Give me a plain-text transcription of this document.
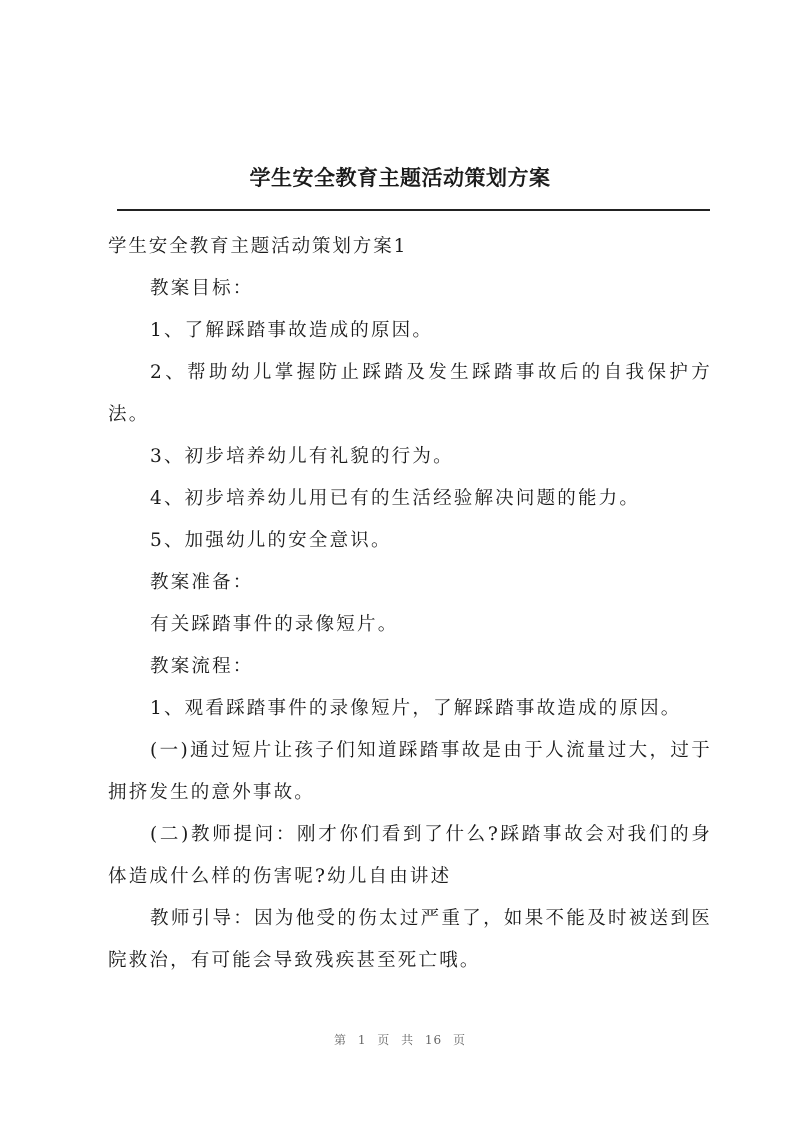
学生安全教育主题活动策划方案

学生安全教育主题活动策划方案1

教案目标：

1、了解踩踏事故造成的原因。

2、帮助幼儿掌握防止踩踏及发生踩踏事故后的自我保护方法。

3、初步培养幼儿有礼貌的行为。

4、初步培养幼儿用已有的生活经验解决问题的能力。

5、加强幼儿的安全意识。

教案准备：

有关踩踏事件的录像短片。

教案流程：

1、观看踩踏事件的录像短片，了解踩踏事故造成的原因。

(一)通过短片让孩子们知道踩踏事故是由于人流量过大，过于拥挤发生的意外事故。

(二)教师提问：刚才你们看到了什么?踩踏事故会对我们的身体造成什么样的伤害呢?幼儿自由讲述

教师引导：因为他受的伤太过严重了，如果不能及时被送到医院救治，有可能会导致残疾甚至死亡哦。

第 1 页 共 16 页
